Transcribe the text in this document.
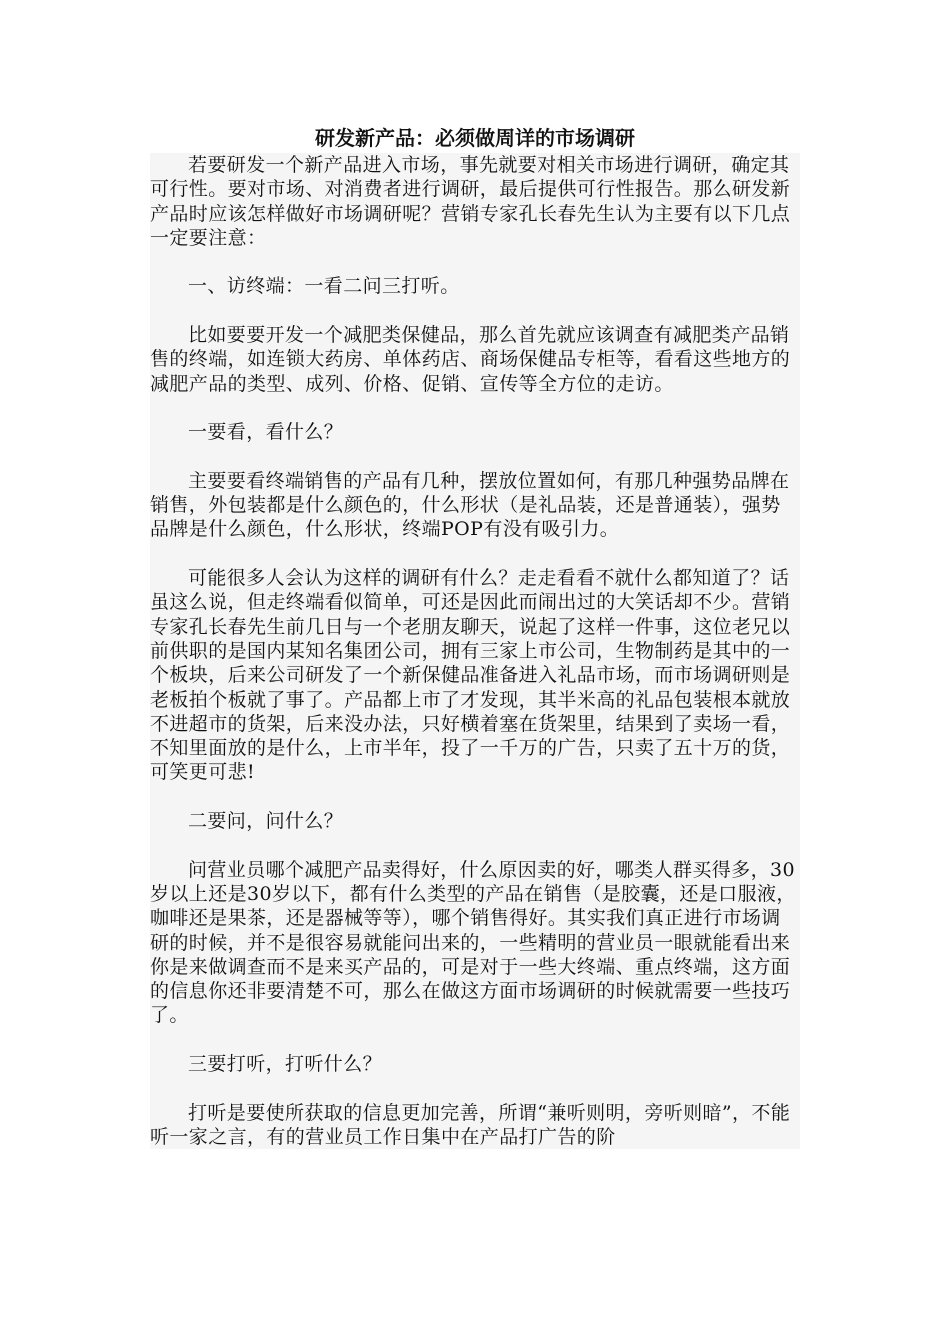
研发新产品：必须做周详的市场调研

若要研发一个新产品进入市场，事先就要对相关市场进行调研，确定其可行性。要对市场、对消费者进行调研，最后提供可行性报告。那么研发新产品时应该怎样做好市场调研呢？营销专家孔长春先生认为主要有以下几点一定要注意：

一、访终端：一看二问三打听。

比如要要开发一个减肥类保健品，那么首先就应该调查有减肥类产品销售的终端，如连锁大药房、单体药店、商场保健品专柜等，看看这些地方的减肥产品的类型、成列、价格、促销、宣传等全方位的走访。

一要看，看什么？

主要要看终端销售的产品有几种，摆放位置如何，有那几种强势品牌在销售，外包装都是什么颜色的，什么形状（是礼品装，还是普通装），强势品牌是什么颜色，什么形状，终端POP有没有吸引力。

可能很多人会认为这样的调研有什么？走走看看不就什么都知道了？话虽这么说，但走终端看似简单，可还是因此而闹出过的大笑话却不少。营销专家孔长春先生前几日与一个老朋友聊天，说起了这样一件事，这位老兄以前供职的是国内某知名集团公司，拥有三家上市公司，生物制药是其中的一个板块，后来公司研发了一个新保健品准备进入礼品市场，而市场调研则是老板拍个板就了事了。产品都上市了才发现，其半米高的礼品包装根本就放不进超市的货架，后来没办法，只好横着塞在货架里，结果到了卖场一看，不知里面放的是什么，上市半年，投了一千万的广告，只卖了五十万的货，可笑更可悲!

二要问，问什么？

问营业员哪个减肥产品卖得好，什么原因卖的好，哪类人群买得多，30岁以上还是30岁以下，都有什么类型的产品在销售（是胶囊，还是口服液，咖啡还是果茶，还是器械等等），哪个销售得好。其实我们真正进行市场调研的时候，并不是很容易就能问出来的，一些精明的营业员一眼就能看出来你是来做调查而不是来买产品的，可是对于一些大终端、重点终端，这方面的信息你还非要清楚不可，那么在做这方面市场调研的时候就需要一些技巧了。

三要打听，打听什么？

打听是要使所获取的信息更加完善，所谓“兼听则明，旁听则暗”，不能听一家之言，有的营业员工作日集中在产品打广告的阶
